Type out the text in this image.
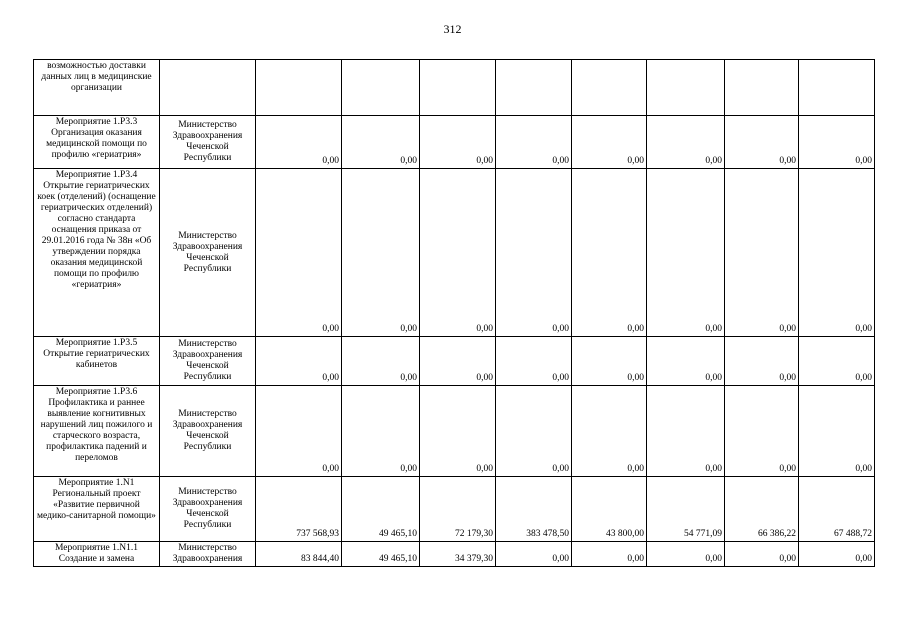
312
возможностью доставки данных лиц в медицинские организации									
Мероприятие 1.Р3.3 Организация оказания медицинской помощи по профилю «гериатрия»	Министерство Здравоохранения Чеченской Республики	0,00	0,00	0,00	0,00	0,00	0,00	0,00	0,00
Мероприятие 1.Р3.4 Открытие гериатрических коек (отделений) (оснащение гериатрических отделений) согласно стандарта оснащения приказа от 29.01.2016 года № 38н «Об утверждении порядка оказания медицинской помощи по профилю «гериатрия»	Министерство Здравоохранения Чеченской Республики	0,00	0,00	0,00	0,00	0,00	0,00	0,00	0,00
Мероприятие 1.Р3.5 Открытие гериатрических кабинетов	Министерство Здравоохранения Чеченской Республики	0,00	0,00	0,00	0,00	0,00	0,00	0,00	0,00
Мероприятие 1.Р3.6 Профилактика и раннее выявление когнитивных нарушений лиц пожилого и старческого возраста, профилактика падений и переломов	Министерство Здравоохранения Чеченской Республики	0,00	0,00	0,00	0,00	0,00	0,00	0,00	0,00
Мероприятие 1.N1 Региональный проект «Развитие первичной медико-санитарной помощи»	Министерство Здравоохранения Чеченской Республики	737 568,93	49 465,10	72 179,30	383 478,50	43 800,00	54 771,09	66 386,22	67 488,72
Мероприятие 1.N1.1 Создание и замена	Министерство Здравоохранения	83 844,40	49 465,10	34 379,30	0,00	0,00	0,00	0,00	0,00
